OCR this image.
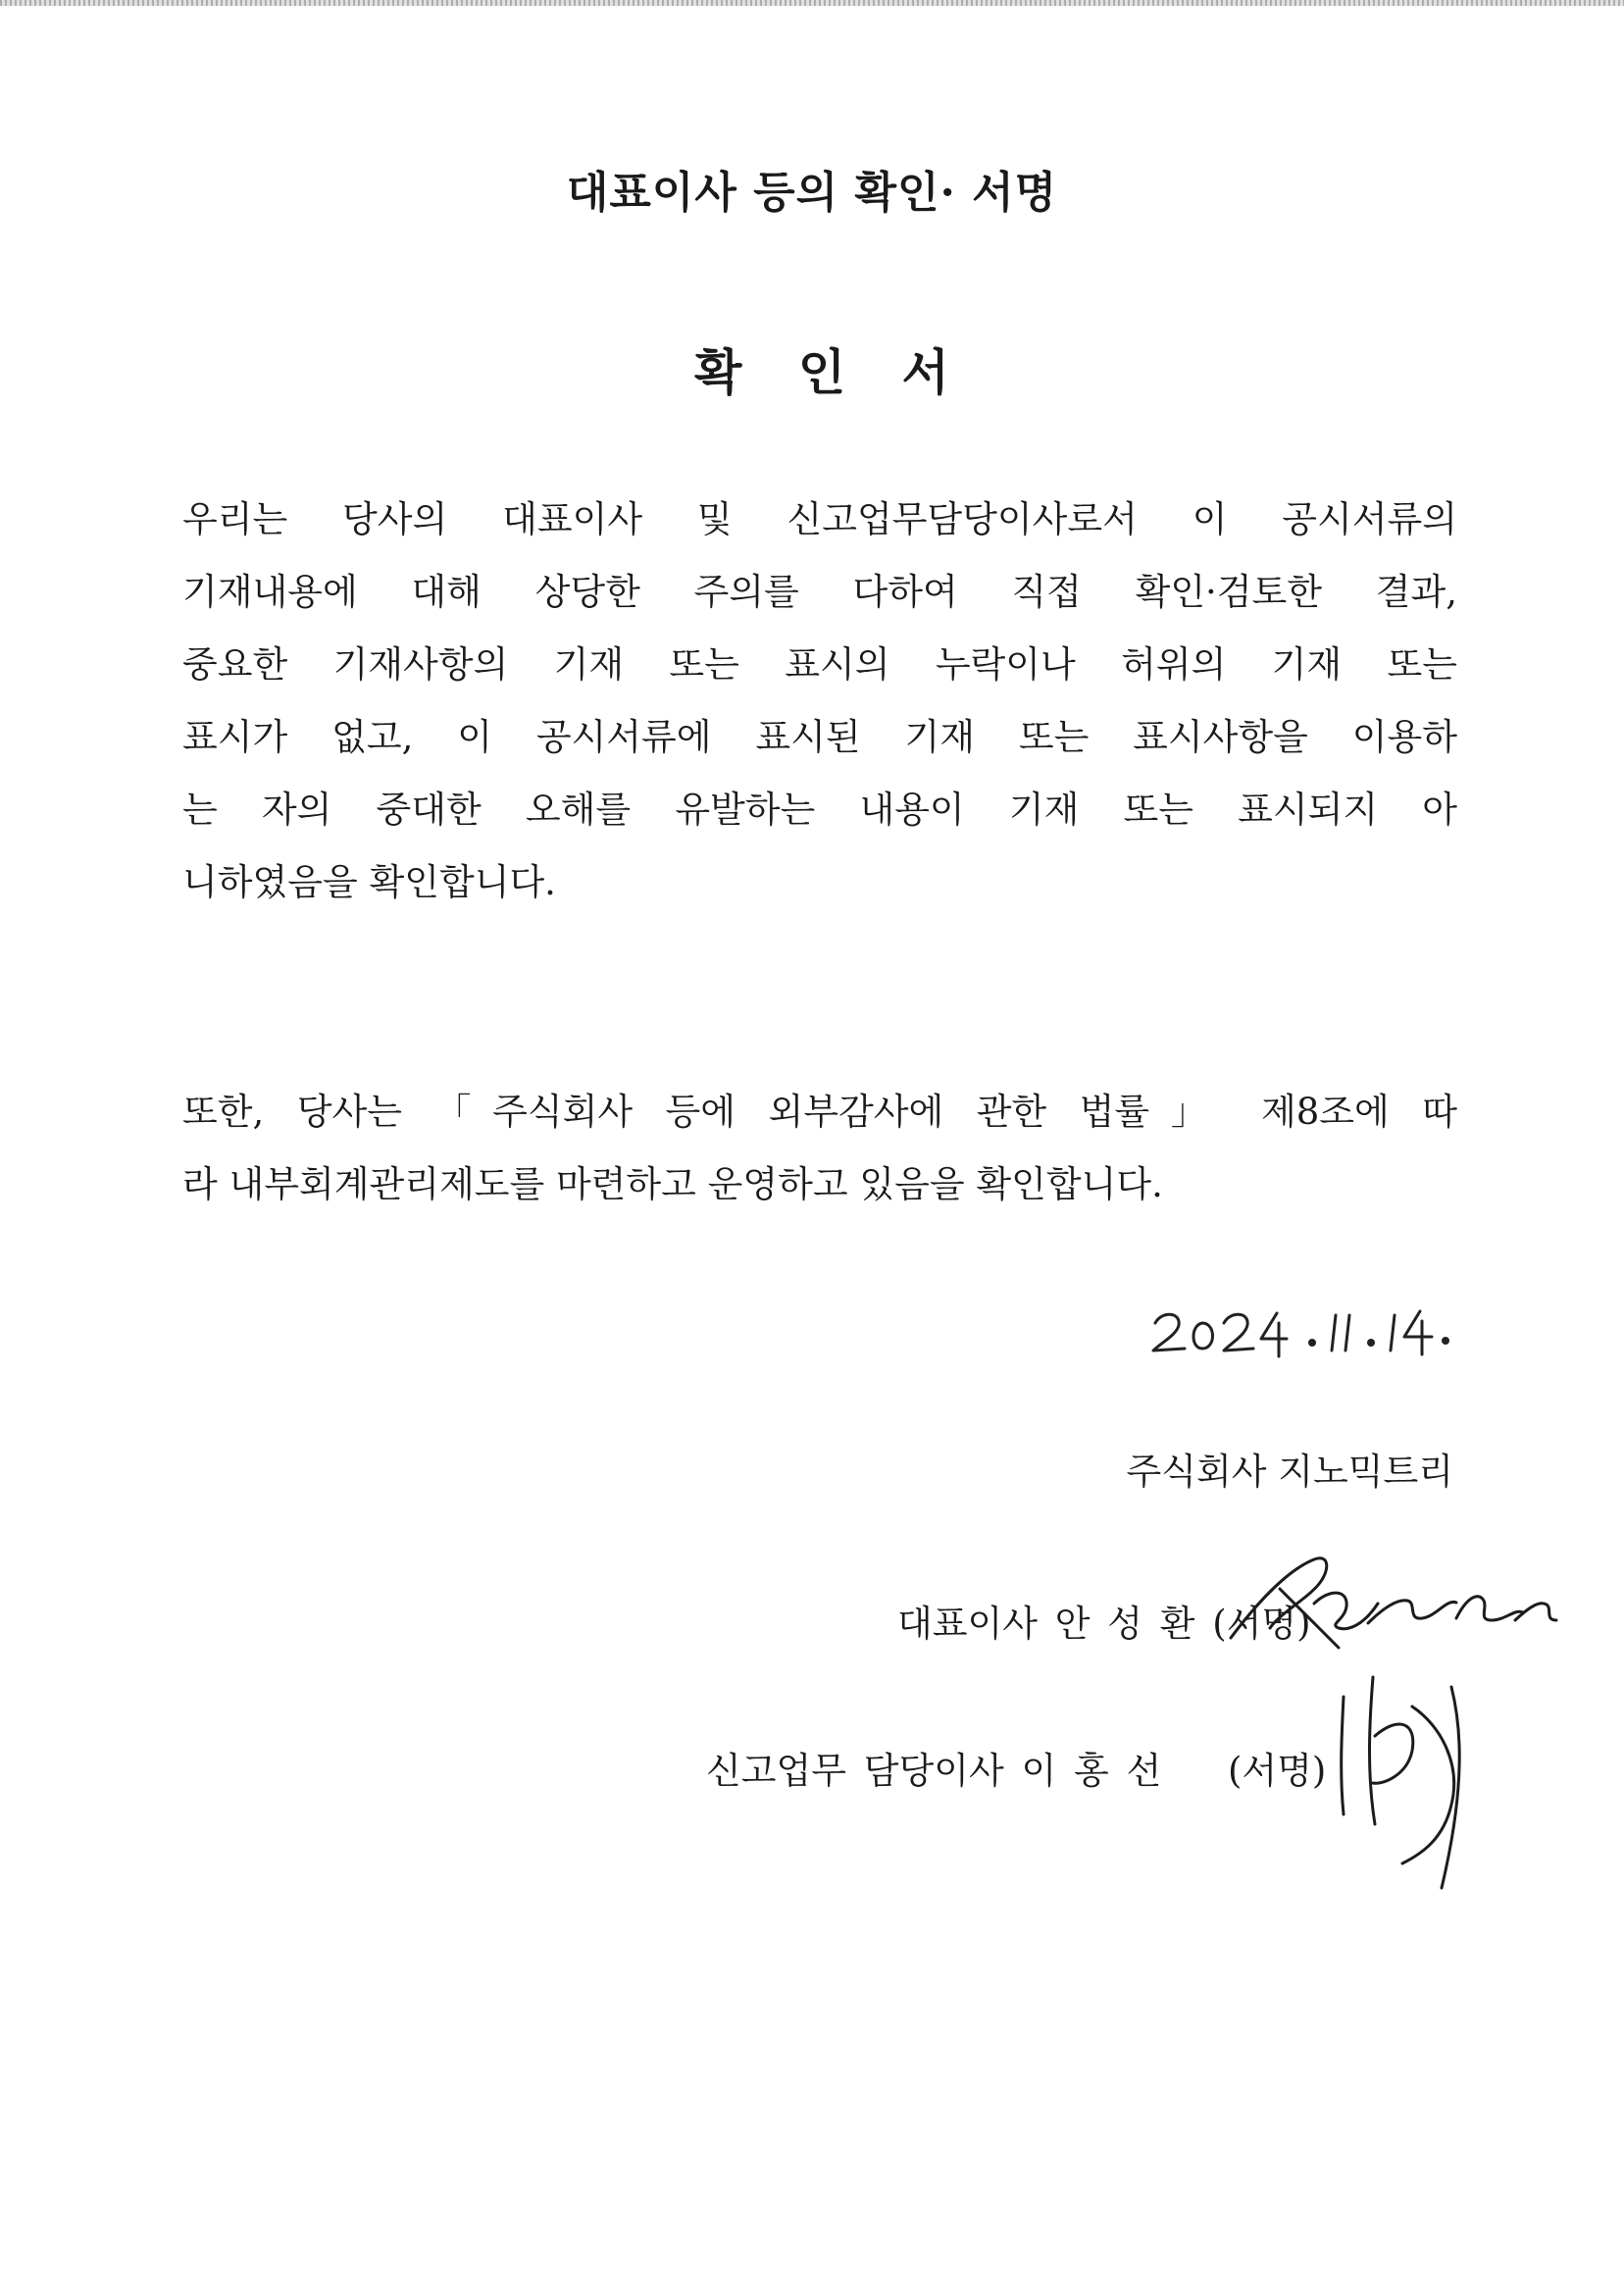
대표이사 등의 확인· 서명
확 인 서
우리는 당사의 대표이사 및 신고업무담당이사로서 이 공시서류의
기재내용에 대해 상당한 주의를 다하여 직접 확인·검토한 결과,
중요한 기재사항의 기재 또는 표시의 누락이나 허위의 기재 또는
표시가 없고, 이 공시서류에 표시된 기재 또는 표시사항을 이용하
는 자의 중대한 오해를 유발하는 내용이 기재 또는 표시되지 아
니하였음을 확인합니다.
또한, 당사는 「주식회사 등에 외부감사에 관한 법률」 제8조에 따
라 내부회계관리제도를 마련하고 운영하고 있음을 확인합니다.
2024 . 11 . 14.
주식회사 지노믹트리
대표이사 안 성 환 (서명)
신고업무 담당이사 이 홍 선 (서명)
